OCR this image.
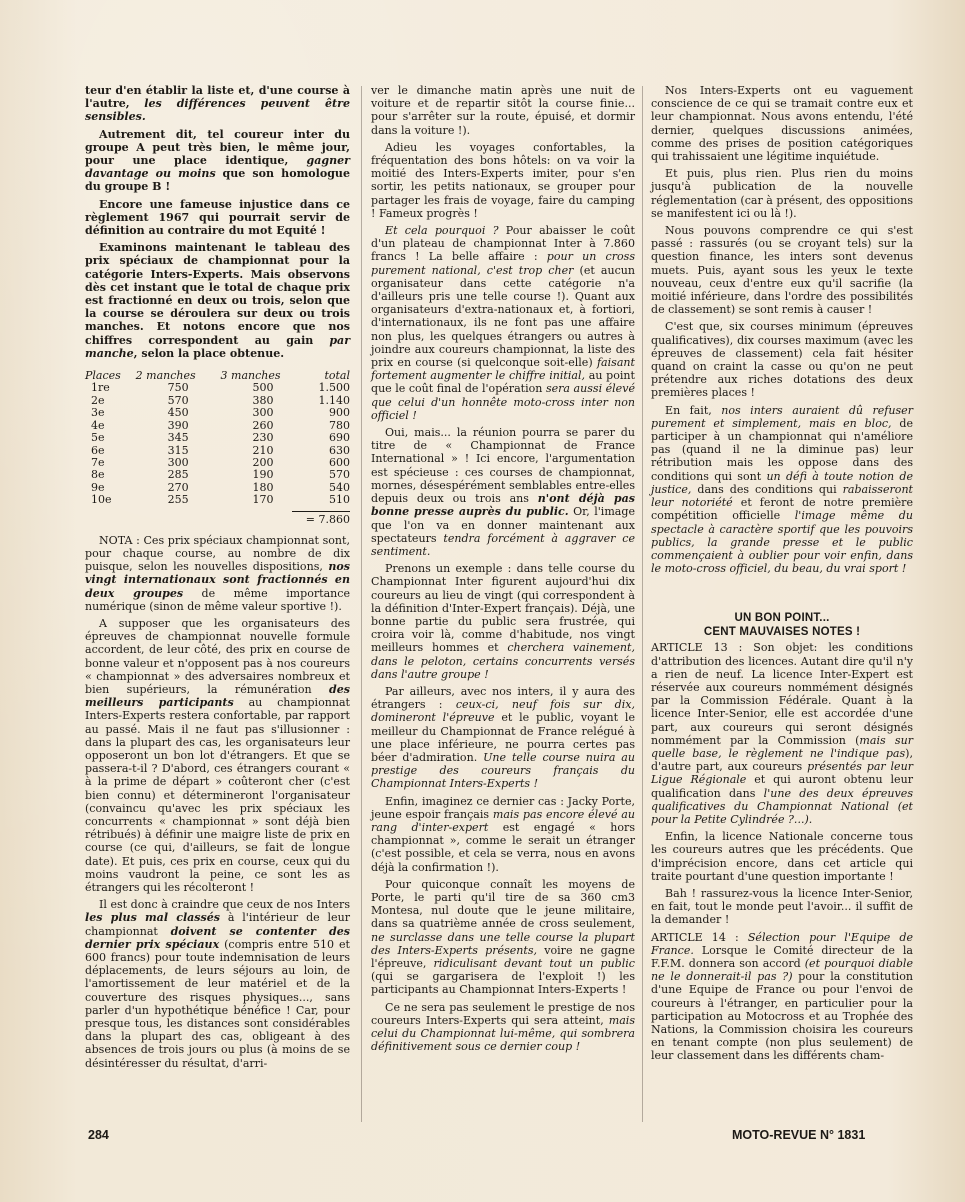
teur d'en établir la liste et, d'une course à l'autre, les différences peuvent être sensibles.

Autrement dit, tel coureur inter du groupe A peut très bien, le même jour, pour une place identique, gagner davantage ou moins que son homologue du groupe B !

Encore une fameuse injustice dans ce règlement 1967 qui pourrait servir de définition au contraire du mot Equité !

Examinons maintenant le tableau des prix spéciaux de championnat pour la catégorie Inters-Experts. Mais observons dès cet instant que le total de chaque prix est fractionné en deux ou trois, selon que la course se déroulera sur deux ou trois manches. Et notons encore que nos chiffres correspondent au gain par manche, selon la place obtenue.

Places	2 manches	3 manches	total
1re	750	500	1.500
2e	570	380	1.140
3e	450	300	900
4e	390	260	780
5e	345	230	690
6e	315	210	630
7e	300	200	600
8e	285	190	570
9e	270	180	540
10e	255	170	510
= 7.860

NOTA : Ces prix spéciaux championnat sont, pour chaque course, au nombre de dix puisque, selon les nouvelles dispositions, nos vingt internationaux sont fractionnés en deux groupes de même importance numérique (sinon de même valeur sportive !).

A supposer que les organisateurs des épreuves de championnat nouvelle formule accordent, de leur côté, des prix en course de bonne valeur et n'opposent pas à nos coureurs « championnat » des adversaires nombreux et bien supérieurs, la rémunération des meilleurs participants au championnat Inters-Experts restera confortable, par rapport au passé. Mais il ne faut pas s'illusionner : dans la plupart des cas, les organisateurs leur opposeront un bon lot d'étrangers. Et que se passera-t-il ? D'abord, ces étrangers courant « à la prime de départ » coûteront cher (c'est bien connu) et détermineront l'organisateur (convaincu qu'avec les prix spéciaux les concurrents « championnat » sont déjà bien rétribués) à définir une maigre liste de prix en course (ce qui, d'ailleurs, se fait de longue date). Et puis, ces prix en course, ceux qui du moins vaudront la peine, ce sont les as étrangers qui les récolteront !

Il est donc à craindre que ceux de nos Inters les plus mal classés à l'intérieur de leur championnat doivent se contenter des dernier prix spéciaux (compris entre 510 et 600 francs) pour toute indemnisation de leurs déplacements, de leurs séjours au loin, de l'amortissement de leur matériel et de la couverture des risques physiques..., sans parler d'un hypothétique bénéfice ! Car, pour presque tous, les distances sont considérables dans la plupart des cas, obligeant à des absences de trois jours ou plus (à moins de se désintéresser du résultat, d'arri-

ver le dimanche matin après une nuit de voiture et de repartir sitôt la course finie... pour s'arrêter sur la route, épuisé, et dormir dans la voiture !).

Adieu les voyages confortables, la fréquentation des bons hôtels: on va voir la moitié des Inters-Experts imiter, pour s'en sortir, les petits nationaux, se grouper pour partager les frais de voyage, faire du camping ! Fameux progrès !

Et cela pourquoi ? Pour abaisser le coût d'un plateau de championnat Inter à 7.860 francs ! La belle affaire : pour un cross purement national, c'est trop cher (et aucun organisateur dans cette catégorie n'a d'ailleurs pris une telle course !). Quant aux organisateurs d'extra-nationaux et, à fortiori, d'internationaux, ils ne font pas une affaire non plus, les quelques étrangers ou autres à joindre aux coureurs championnat, la liste des prix en course (si quelconque soit-elle) faisant fortement augmenter le chiffre initial, au point que le coût final de l'opération sera aussi élevé que celui d'un honnête moto-cross inter non officiel !

Oui, mais... la réunion pourra se parer du titre de « Championnat de France International » ! Ici encore, l'argumentation est spécieuse : ces courses de championnat, mornes, désespérément semblables entre-elles depuis deux ou trois ans n'ont déjà pas bonne presse auprès du public. Or, l'image que l'on va en donner maintenant aux spectateurs tendra forcément à aggraver ce sentiment.

Prenons un exemple : dans telle course du Championnat Inter figurent aujourd'hui dix coureurs au lieu de vingt (qui correspondent à la définition d'Inter-Expert français). Déjà, une bonne partie du public sera frustrée, qui croira voir là, comme d'habitude, nos vingt meilleurs hommes et cherchera vainement, dans le peloton, certains concurrents versés dans l'autre groupe !

Par ailleurs, avec nos inters, il y aura des étrangers : ceux-ci, neuf fois sur dix, domineront l'épreuve et le public, voyant le meilleur du Championnat de France relégué à une place inférieure, ne pourra certes pas béer d'admiration. Une telle course nuira au prestige des coureurs français du Championnat Inters-Experts !

Enfin, imaginez ce dernier cas : Jacky Porte, jeune espoir français mais pas encore élevé au rang d'inter-expert est engagé « hors championnat », comme le serait un étranger (c'est possible, et cela se verra, nous en avons déjà la confirmation !).

Pour quiconque connaît les moyens de Porte, le parti qu'il tire de sa 360 cm3 Montesa, nul doute que le jeune militaire, dans sa quatrième année de cross seulement, ne surclasse dans une telle course la plupart des Inters-Experts présents, voire ne gagne l'épreuve, ridiculisant devant tout un public (qui se gargarisera de l'exploit !) les participants au Championnat Inters-Experts !

Ce ne sera pas seulement le prestige de nos coureurs Inters-Experts qui sera atteint, mais celui du Championnat lui-même, qui sombrera définitivement sous ce dernier coup !

Nos Inters-Experts ont eu vaguement conscience de ce qui se tramait contre eux et leur championnat. Nous avons entendu, l'été dernier, quelques discussions animées, comme des prises de position catégoriques qui trahissaient une légitime inquiétude.

Et puis, plus rien. Plus rien du moins jusqu'à publication de la nouvelle réglementation (car à présent, des oppositions se manifestent ici ou là !).

Nous pouvons comprendre ce qui s'est passé : rassurés (ou se croyant tels) sur la question finance, les inters sont devenus muets. Puis, ayant sous les yeux le texte nouveau, ceux d'entre eux qu'il sacrifie (la moitié inférieure, dans l'ordre des possibilités de classement) se sont remis à causer !

C'est que, six courses minimum (épreuves qualificatives), dix courses maximum (avec les épreuves de classement) cela fait hésiter quand on craint la casse ou qu'on ne peut prétendre aux riches dotations des deux premières places !

En fait, nos inters auraient dû refuser purement et simplement, mais en bloc, de participer à un championnat qui n'améliore pas (quand il ne la diminue pas) leur rétribution mais les oppose dans des conditions qui sont un défi à toute notion de justice, dans des conditions qui rabaisseront leur notoriété et feront de notre première compétition officielle l'image même du spectacle à caractère sportif que les pouvoirs publics, la grande presse et le public commençaient à oublier pour voir enfin, dans le moto-cross officiel, du beau, du vrai sport !

UN BON POINT...
CENT MAUVAISES NOTES !

ARTICLE 13 : Son objet: les conditions d'attribution des licences. Autant dire qu'il n'y a rien de neuf. La licence Inter-Expert est réservée aux coureurs nommément désignés par la Commission Fédérale. Quant à la licence Inter-Senior, elle est accordée d'une part, aux coureurs qui seront désignés nommément par la Commission (mais sur quelle base, le règlement ne l'indique pas), d'autre part, aux coureurs présentés par leur Ligue Régionale et qui auront obtenu leur qualification dans l'une des deux épreuves qualificatives du Championnat National (et pour la Petite Cylindrée ?...).

Enfin, la licence Nationale concerne tous les coureurs autres que les précédents. Que d'imprécision encore, dans cet article qui traite pourtant d'une question importante !

Bah ! rassurez-vous la licence Inter-Senior, en fait, tout le monde peut l'avoir... il suffit de la demander !

ARTICLE 14 : Sélection pour l'Equipe de France. Lorsque le Comité directeur de la F.F.M. donnera son accord (et pourquoi diable ne le donnerait-il pas ?) pour la constitution d'une Equipe de France ou pour l'envoi de coureurs à l'étranger, en particulier pour la participation au Motocross et au Trophée des Nations, la Commission choisira les coureurs en tenant compte (non plus seulement) de leur classement dans les différents cham-

284	MOTO-REVUE N° 1831
